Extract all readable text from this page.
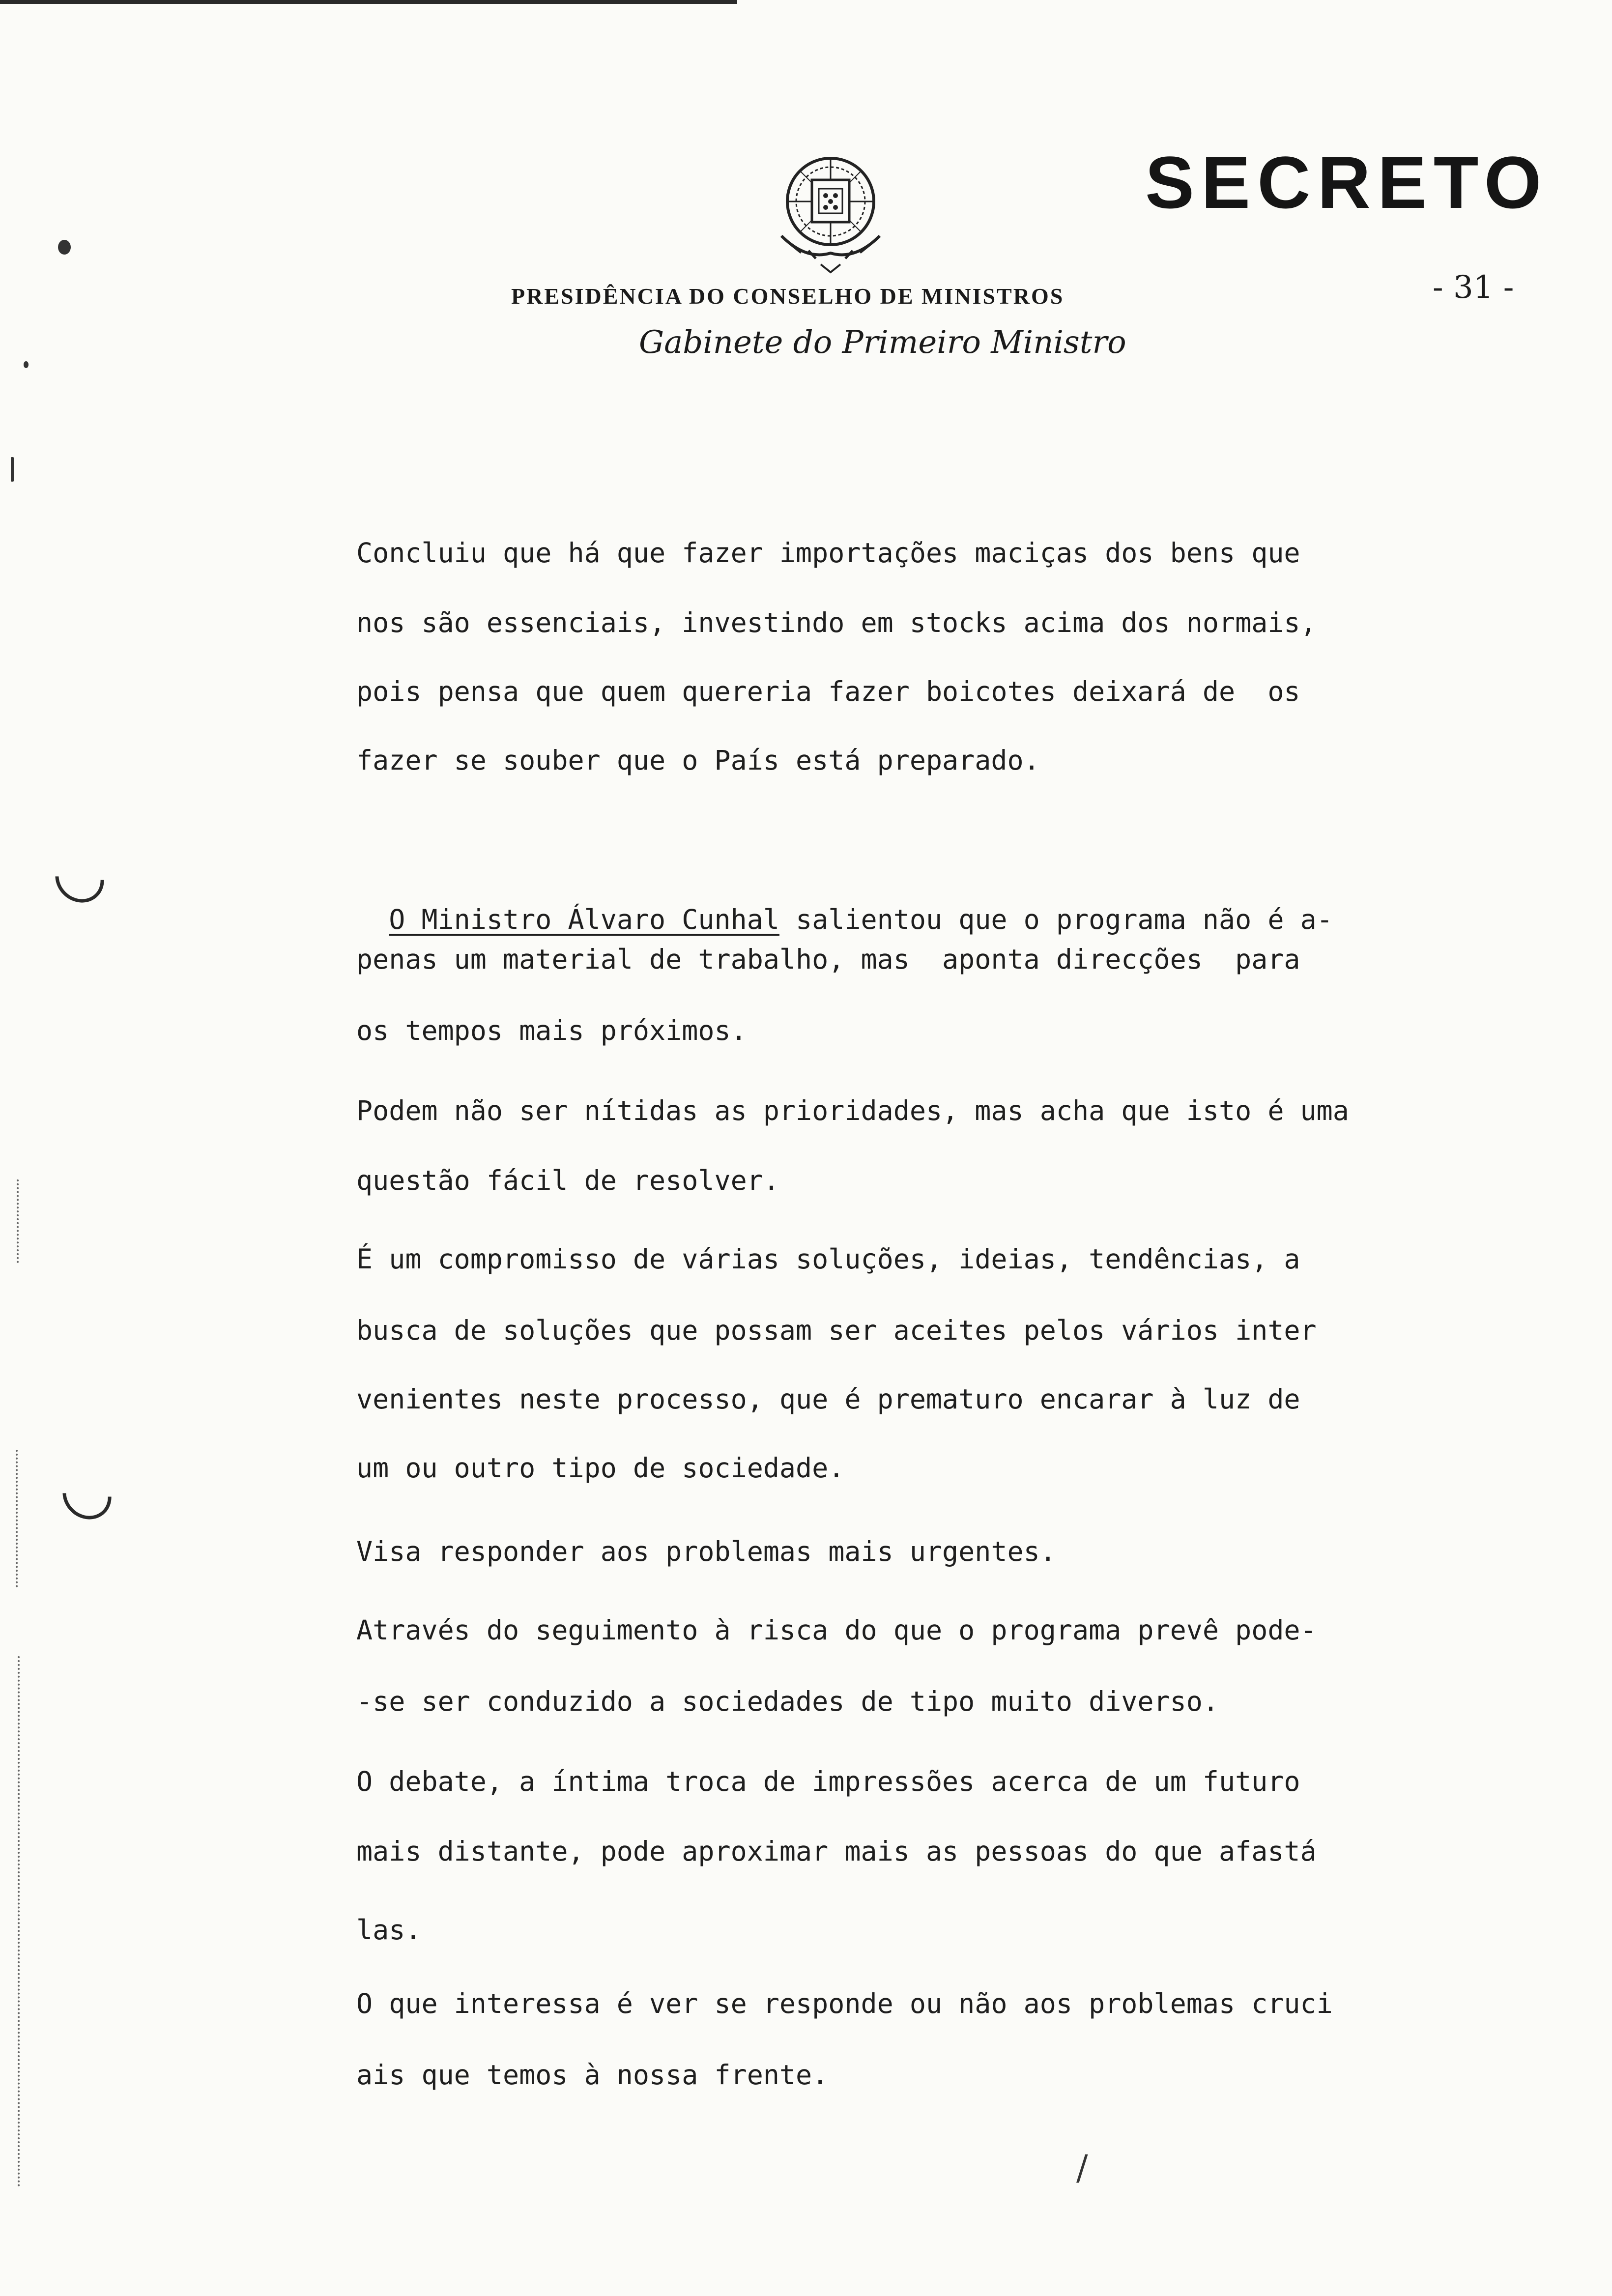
SECRETO
- 31 -
PRESIDÊNCIA DO CONSELHO DE MINISTROS
Gabinete do Primeiro Ministro
Concluiu que há que fazer importações maciças dos bens que
nos são essenciais, investindo em stocks acima dos normais,
pois pensa que quem quereria fazer boicotes deixará de  os
fazer se souber que o País está preparado.

O Ministro Álvaro Cunhal salientou que o programa não é a-

penas um material de trabalho, mas  aponta direcções  para
os tempos mais próximos.
Podem não ser nítidas as prioridades, mas acha que isto é uma
questão fácil de resolver.
É um compromisso de várias soluções, ideias, tendências, a
busca de soluções que possam ser aceites pelos vários inter
venientes neste processo, que é prematuro encarar à luz de
um ou outro tipo de sociedade.
Visa responder aos problemas mais urgentes.
Através do seguimento à risca do que o programa prevê pode-
-se ser conduzido a sociedades de tipo muito diverso.
O debate, a íntima troca de impressões acerca de um futuro
mais distante, pode aproximar mais as pessoas do que afastá
las.
O que interessa é ver se responde ou não aos problemas cruci
ais que temos à nossa frente.
/
